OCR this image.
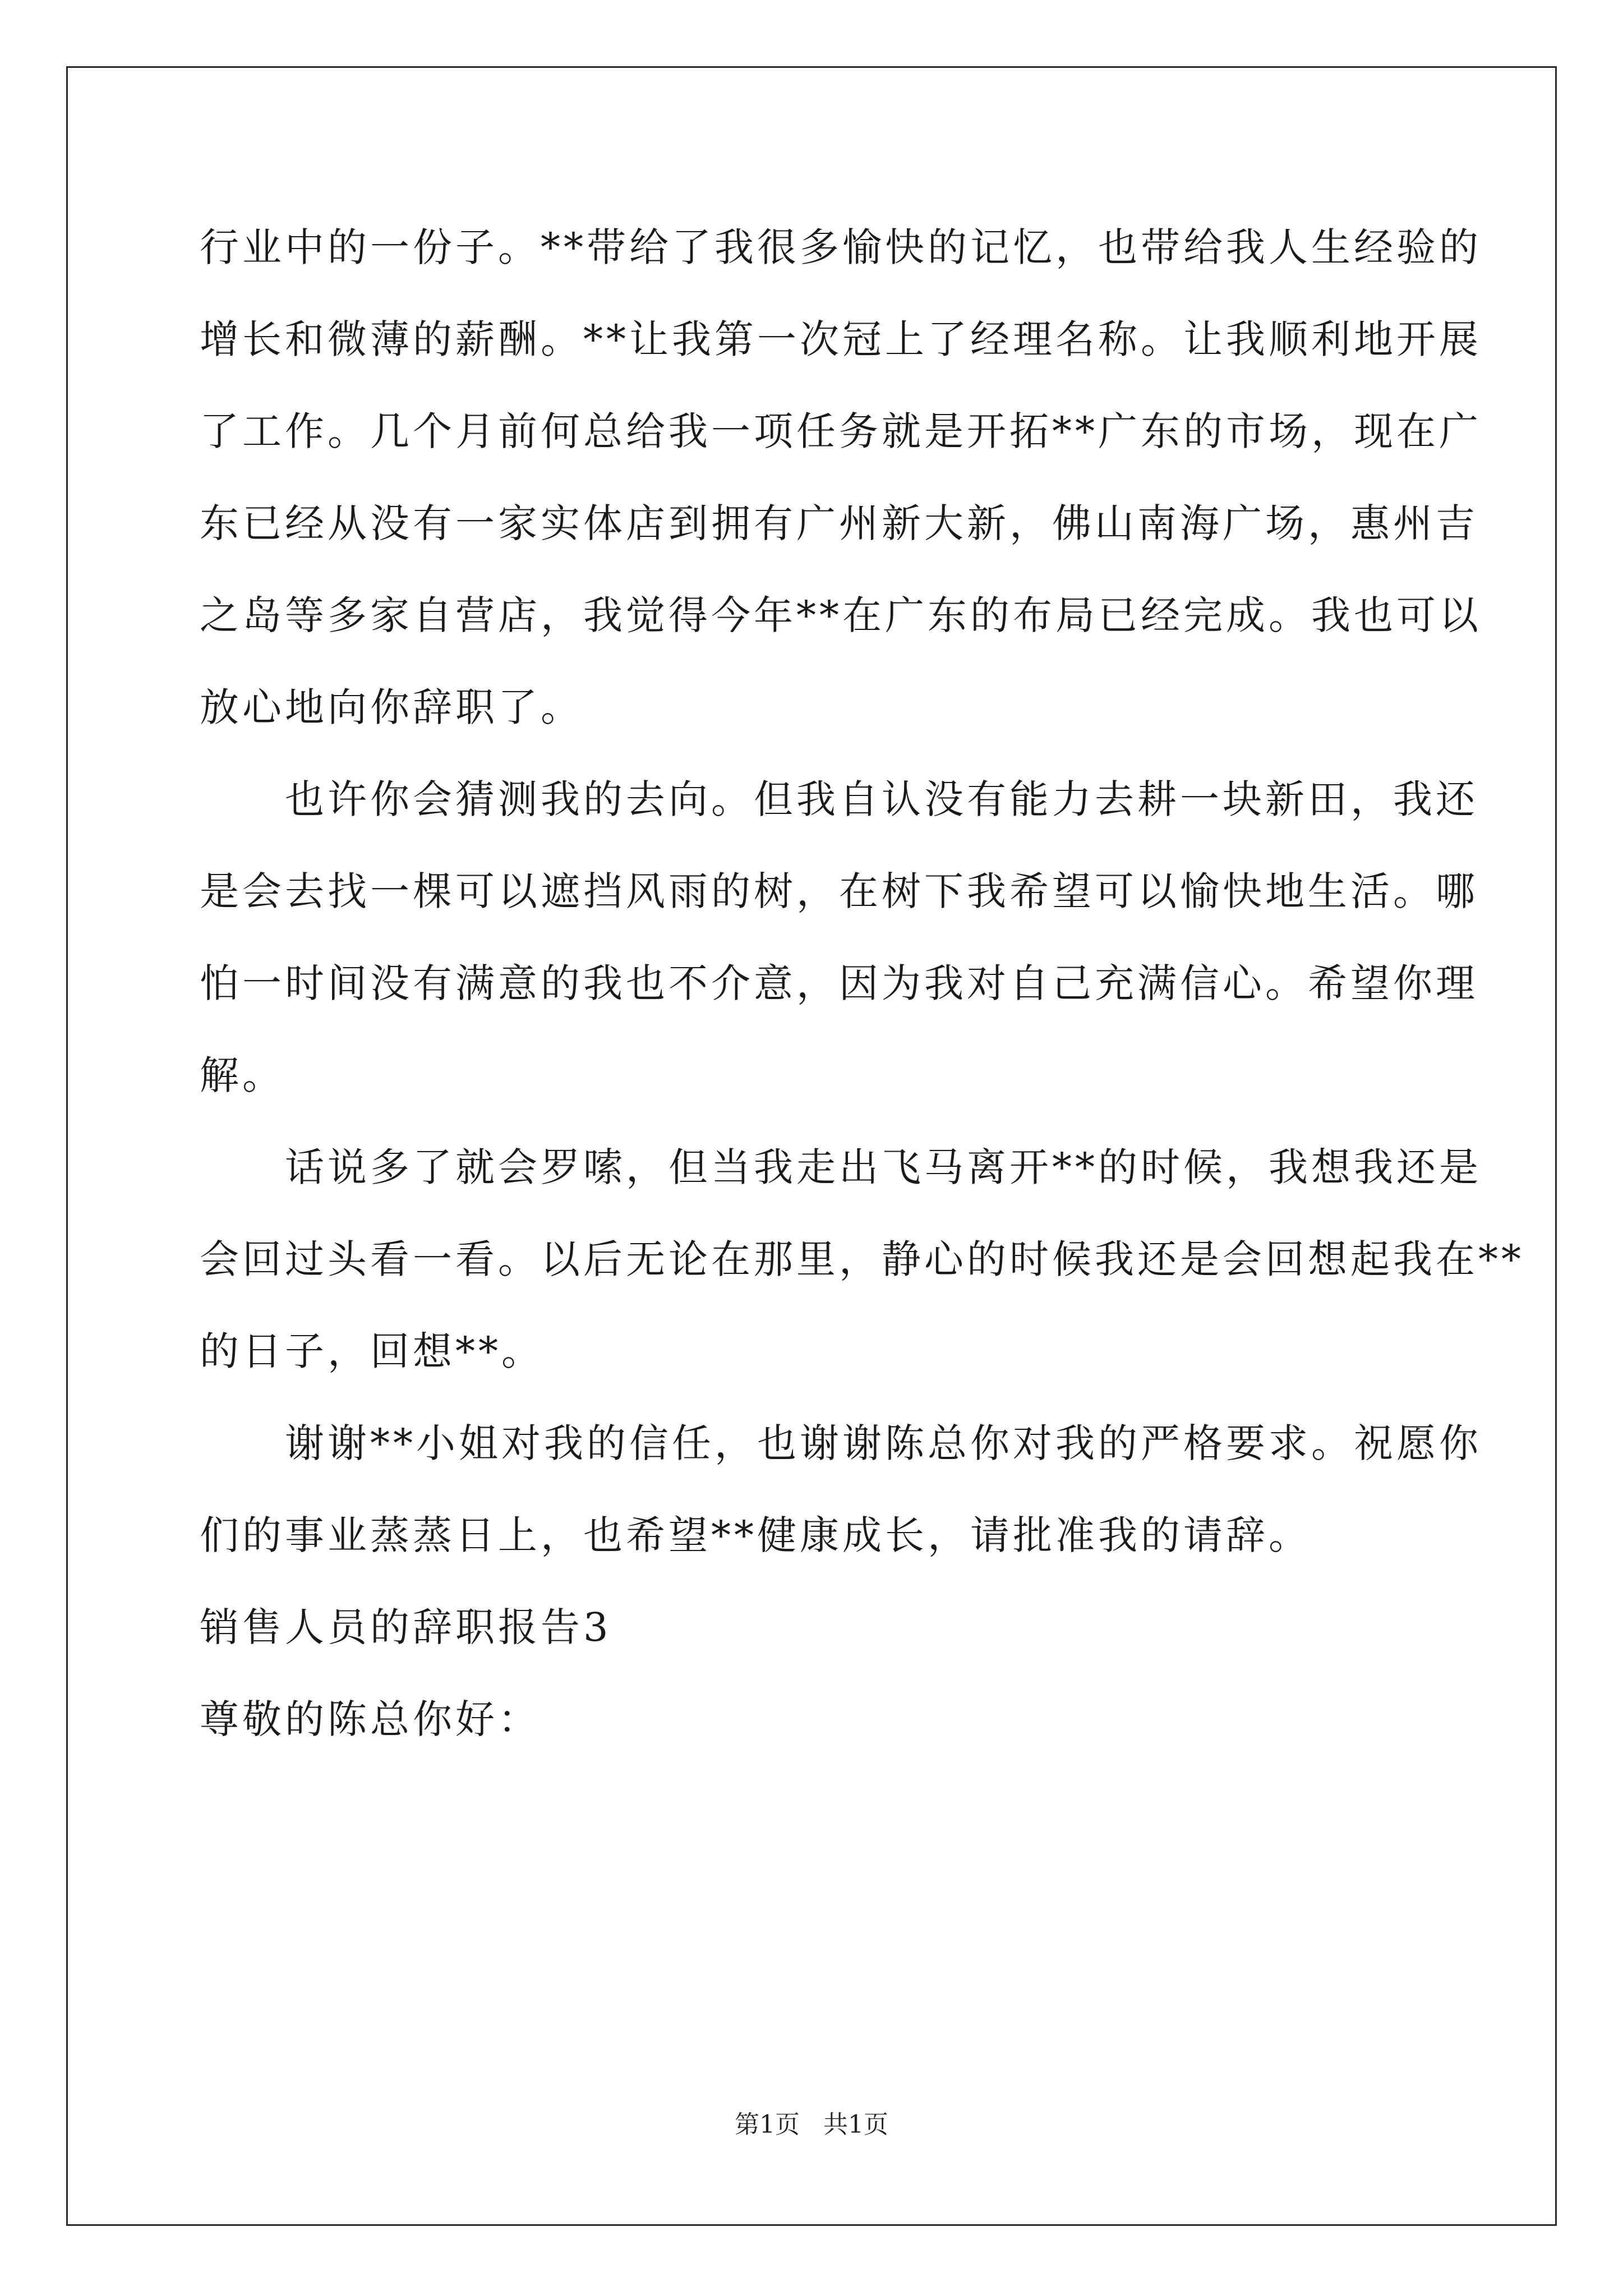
行业中的一份子。**带给了我很多愉快的记忆，也带给我人生经验的
增长和微薄的薪酬。**让我第一次冠上了经理名称。让我顺利地开展
了工作。几个月前何总给我一项任务就是开拓**广东的市场，现在广
东已经从没有一家实体店到拥有广州新大新，佛山南海广场，惠州吉
之岛等多家自营店，我觉得今年**在广东的布局已经完成。我也可以
放心地向你辞职了。
　　也许你会猜测我的去向。但我自认没有能力去耕一块新田，我还
是会去找一棵可以遮挡风雨的树，在树下我希望可以愉快地生活。哪
怕一时间没有满意的我也不介意，因为我对自己充满信心。希望你理
解。
　　话说多了就会罗嗦，但当我走出飞马离开**的时候，我想我还是
会回过头看一看。以后无论在那里，静心的时候我还是会回想起我在**
的日子，回想**。
　　谢谢**小姐对我的信任，也谢谢陈总你对我的严格要求。祝愿你
们的事业蒸蒸日上，也希望**健康成长，请批准我的请辞。
销售人员的辞职报告3
尊敬的陈总你好：
第1页 共1页
